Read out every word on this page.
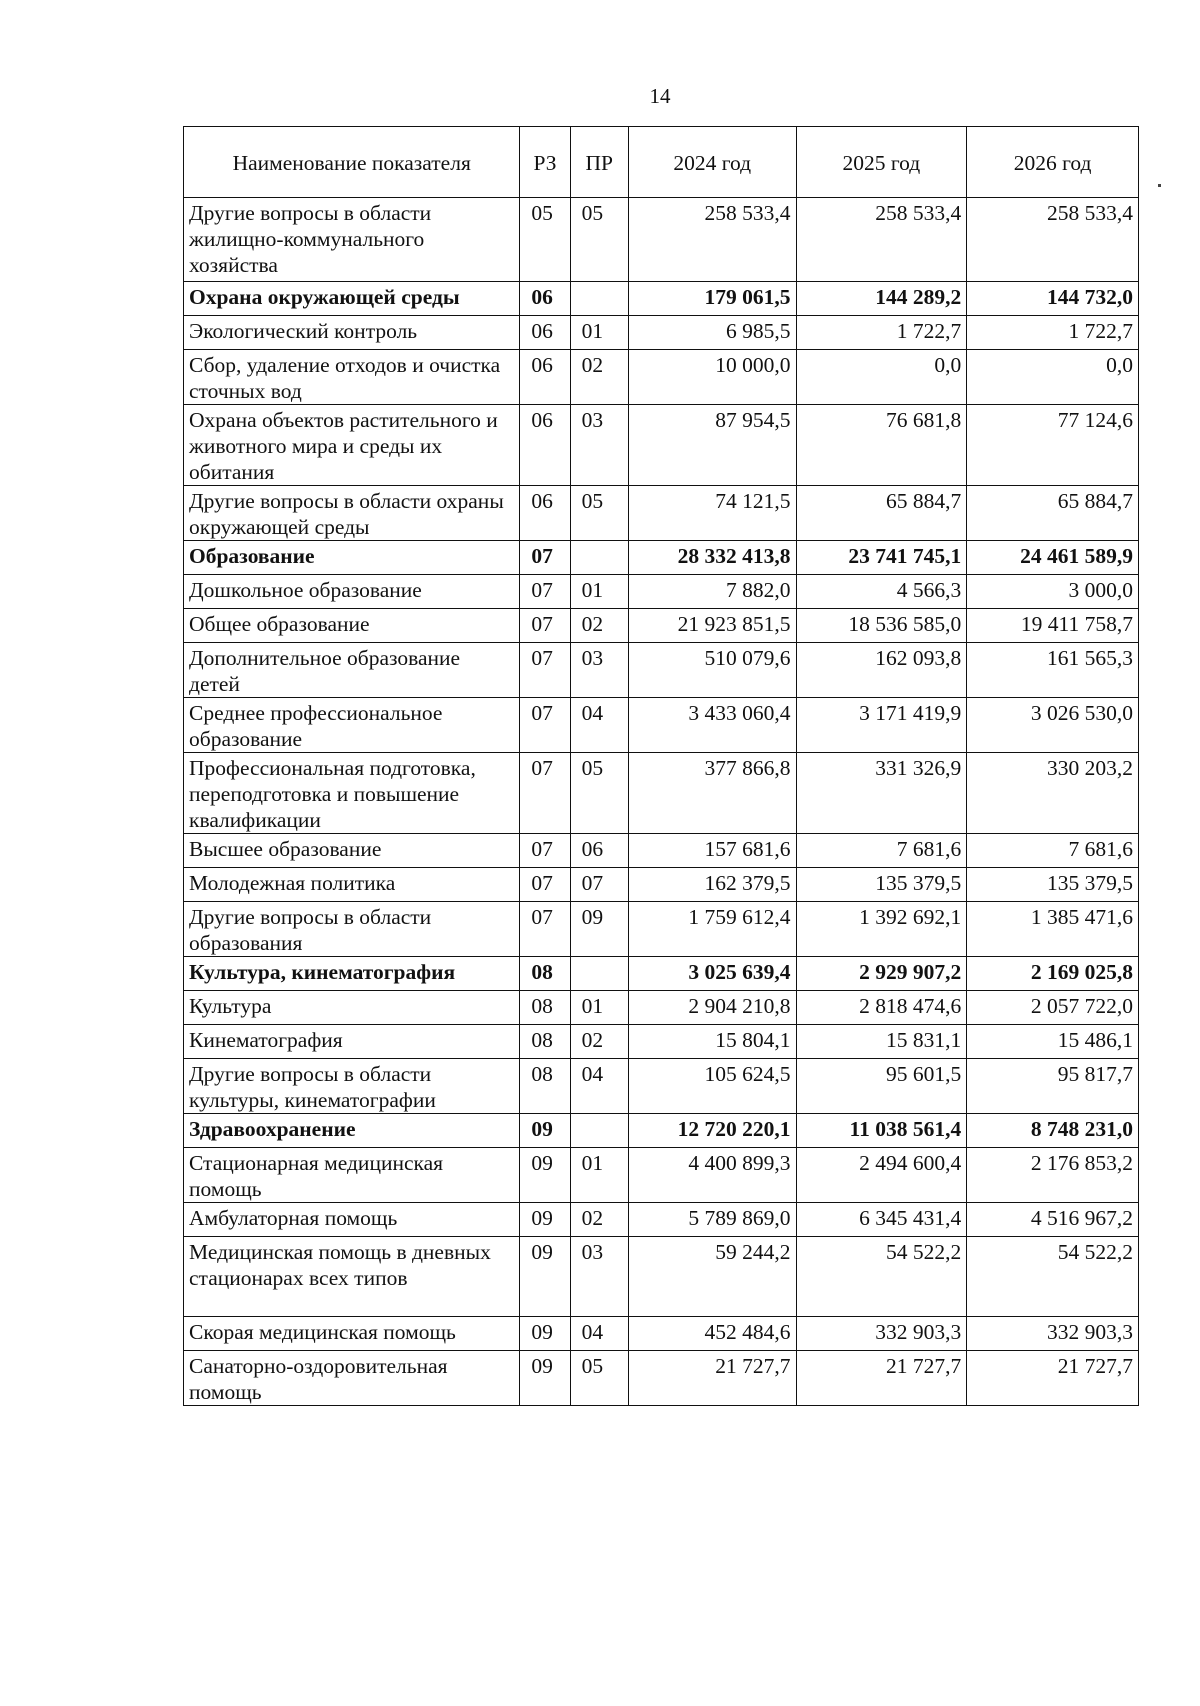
14
Наименование показателя	РЗ	ПР	2024 год	2025 год	2026 год
Другие вопросы в области жилищно-коммунального хозяйства	05	05	258 533,4	258 533,4	258 533,4
Охрана окружающей среды	06		179 061,5	144 289,2	144 732,0
Экологический контроль	06	01	6 985,5	1 722,7	1 722,7
Сбор, удаление отходов и очистка сточных вод	06	02	10 000,0	0,0	0,0
Охрана объектов растительного и животного мира и среды их обитания	06	03	87 954,5	76 681,8	77 124,6
Другие вопросы в области охраны окружающей среды	06	05	74 121,5	65 884,7	65 884,7
Образование	07		28 332 413,8	23 741 745,1	24 461 589,9
Дошкольное образование	07	01	7 882,0	4 566,3	3 000,0
Общее образование	07	02	21 923 851,5	18 536 585,0	19 411 758,7
Дополнительное образование детей	07	03	510 079,6	162 093,8	161 565,3
Среднее профессиональное образование	07	04	3 433 060,4	3 171 419,9	3 026 530,0
Профессиональная подготовка, переподготовка и повышение квалификации	07	05	377 866,8	331 326,9	330 203,2
Высшее образование	07	06	157 681,6	7 681,6	7 681,6
Молодежная политика	07	07	162 379,5	135 379,5	135 379,5
Другие вопросы в области образования	07	09	1 759 612,4	1 392 692,1	1 385 471,6
Культура, кинематография	08		3 025 639,4	2 929 907,2	2 169 025,8
Культура	08	01	2 904 210,8	2 818 474,6	2 057 722,0
Кинематография	08	02	15 804,1	15 831,1	15 486,1
Другие вопросы в области культуры, кинематографии	08	04	105 624,5	95 601,5	95 817,7
Здравоохранение	09		12 720 220,1	11 038 561,4	8 748 231,0
Стационарная медицинская помощь	09	01	4 400 899,3	2 494 600,4	2 176 853,2
Амбулаторная помощь	09	02	5 789 869,0	6 345 431,4	4 516 967,2
Медицинская помощь в дневных стационарах всех типов	09	03	59 244,2	54 522,2	54 522,2
Скорая медицинская помощь	09	04	452 484,6	332 903,3	332 903,3
Санаторно-оздоровительная помощь	09	05	21 727,7	21 727,7	21 727,7
